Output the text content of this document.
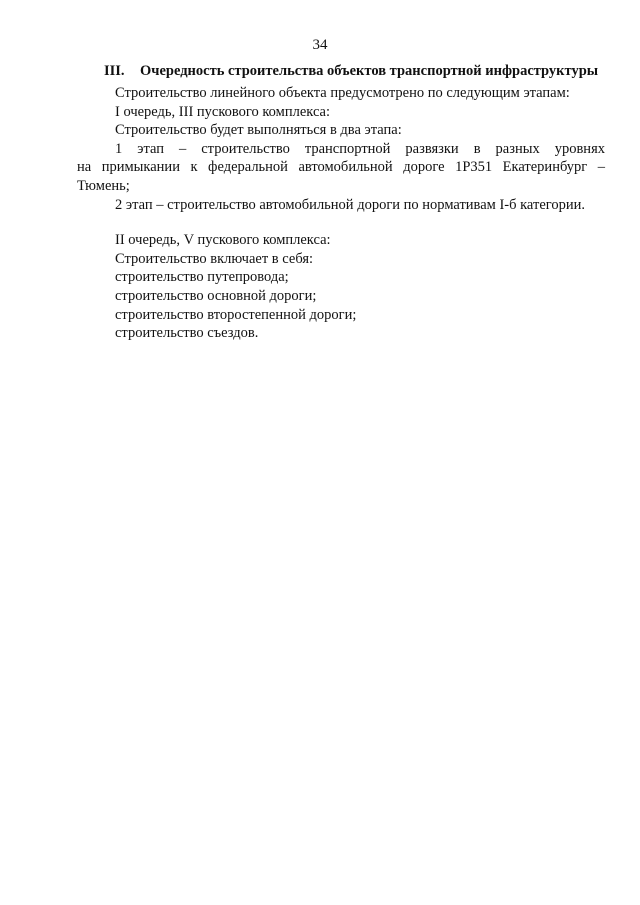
34
III. Очередность строительства объектов транспортной инфраструктуры
Строительство линейного объекта предусмотрено по следующим этапам:
I очередь, III пускового комплекса:
Строительство будет выполняться в два этапа:
1 этап – строительство транспортной развязки в разных уровнях
на примыкании к федеральной автомобильной дороге 1Р351 Екатеринбург –
Тюмень;
2 этап – строительство автомобильной дороги по нормативам I-б категории.
II очередь, V пускового комплекса:
Строительство включает в себя:
строительство путепровода;
строительство основной дороги;
строительство второстепенной дороги;
строительство съездов.
